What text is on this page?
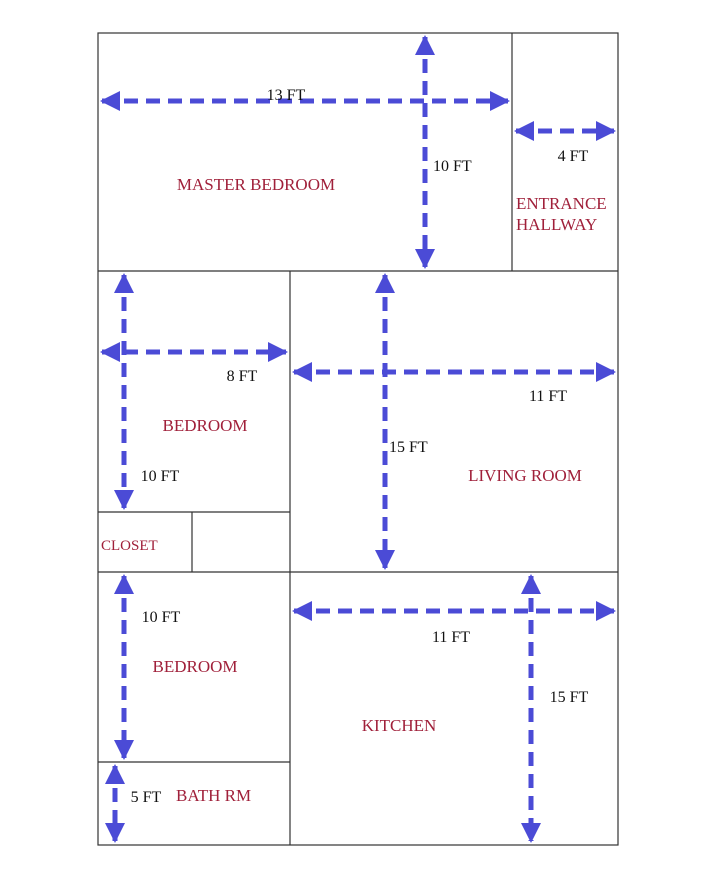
MASTER BEDROOM
ENTRANCE
HALLWAY
BEDROOM
LIVING ROOM
CLOSET
BEDROOM
KITCHEN
BATH RM
13 FT
10 FT
4 FT
8 FT
10 FT
11 FT
15 FT
10 FT
11 FT
15 FT
5 FT
